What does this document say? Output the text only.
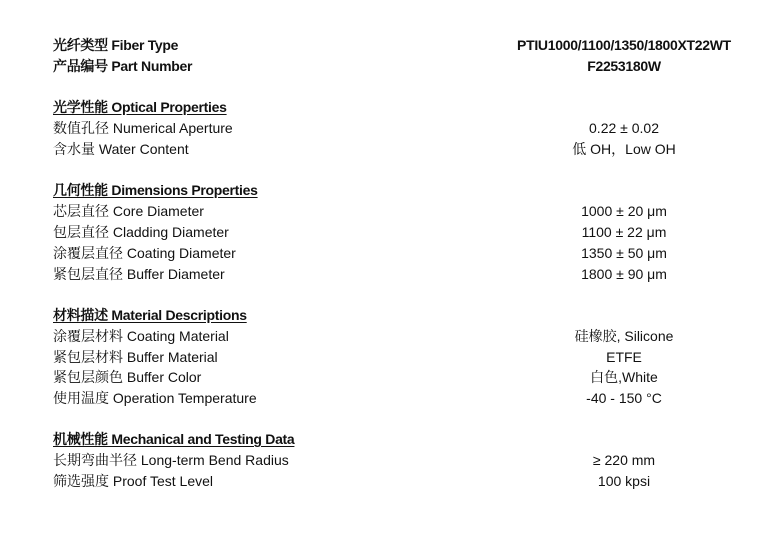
光纤类型 Fiber Type	PTIU1000/1100/1350/1800XT22WT
产品编号 Part Number	F2253180W
光学性能 Optical Properties
数值孔径 Numerical Aperture	0.22 ± 0.02
含水量 Water Content	低 OH，Low OH
几何性能 Dimensions Properties
芯层直径 Core Diameter	1000 ± 20 μm
包层直径 Cladding Diameter	1100 ± 22 μm
涂覆层直径 Coating Diameter	1350 ± 50 μm
紧包层直径 Buffer Diameter	1800 ± 90 μm
材料描述 Material Descriptions
涂覆层材料 Coating Material	硅橡胶, Silicone
紧包层材料 Buffer Material	ETFE
紧包层颜色 Buffer Color	白色,White
使用温度 Operation Temperature	-40 - 150 °C
机械性能 Mechanical and Testing Data
长期弯曲半径 Long-term Bend Radius	≥ 220 mm
筛选强度 Proof Test Level	100 kpsi
